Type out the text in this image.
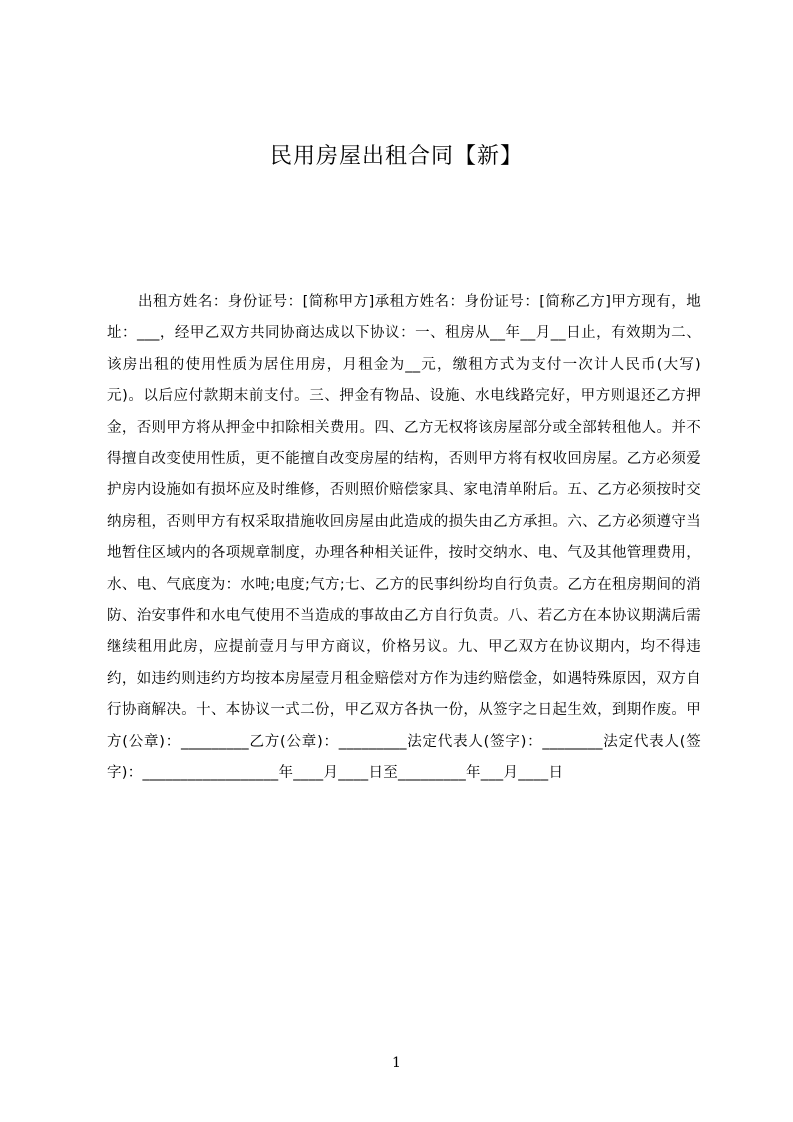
民用房屋出租合同【新】

出租方姓名：身份证号：[简称甲方]承租方姓名：身份证号：[简称乙方]甲方现有，地址：___，经甲乙双方共同协商达成以下协议：一、租房从__年__月__日止，有效期为二、该房出租的使用性质为居住用房，月租金为__元，缴租方式为支付一次计人民币(大写)元)。以后应付款期末前支付。三、押金有物品、设施、水电线路完好，甲方则退还乙方押金，否则甲方将从押金中扣除相关费用。四、乙方无权将该房屋部分或全部转租他人。并不得擅自改变使用性质，更不能擅自改变房屋的结构，否则甲方将有权收回房屋。乙方必须爱护房内设施如有损坏应及时维修，否则照价赔偿家具、家电清单附后。五、乙方必须按时交纳房租，否则甲方有权采取措施收回房屋由此造成的损失由乙方承担。六、乙方必须遵守当地暂住区域内的各项规章制度，办理各种相关证件，按时交纳水、电、气及其他管理费用，水、电、气底度为：水吨;电度;气方;七、乙方的民事纠纷均自行负责。乙方在租房期间的消防、治安事件和水电气使用不当造成的事故由乙方自行负责。八、若乙方在本协议期满后需继续租用此房，应提前壹月与甲方商议，价格另议。九、甲乙双方在协议期内，均不得违约，如违约则违约方均按本房屋壹月租金赔偿对方作为违约赔偿金，如遇特殊原因，双方自行协商解决。十、本协议一式二份，甲乙双方各执一份，从签字之日起生效，到期作废。甲方(公章)：_________乙方(公章)：_________法定代表人(签字)：________法定代表人(签字)：__________________年____月____日至_________年___月____日

1
